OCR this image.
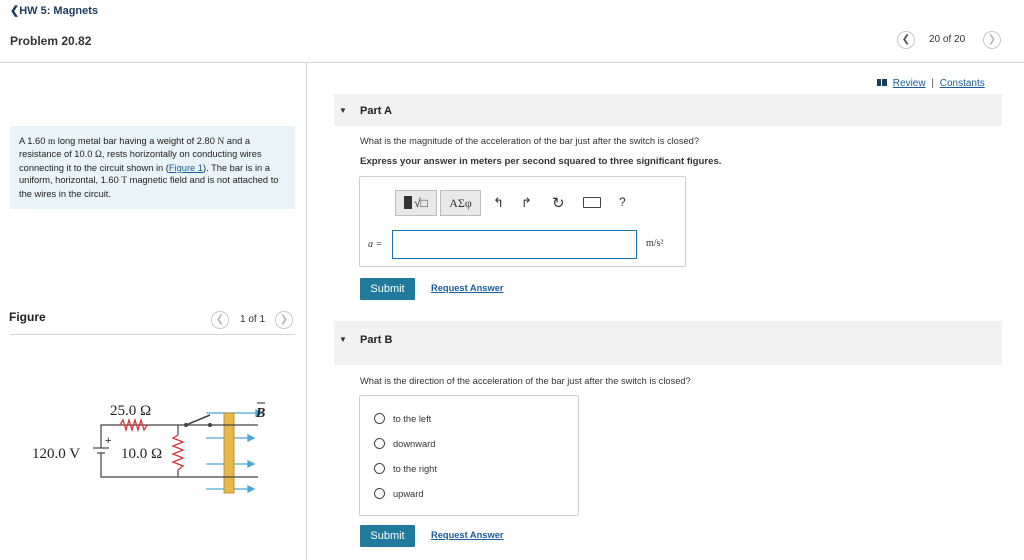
❮HW 5: Magnets
Problem 20.82	❮	20 of 20	❯
Review | Constants
A 1.60 m long metal bar having a weight of 2.80 N and a resistance of 10.0 Ω, rests horizontally on conducting wires connecting it to the circuit shown in (Figure 1). The bar is in a uniform, horizontal, 1.60 T magnetic field and is not attached to the wires in the circuit.
Figure	❮	1 of 1	❯
25.0 Ω
10.0 Ω
120.0 V
+
B
▼ Part A
What is the magnitude of the acceleration of the bar just after the switch is closed?
Express your answer in meters per second squared to three significant figures.
√□	ΑΣφ	↰ ↱ ↻	?
a =	m/s²
Submit	Request Answer
▼ Part B
What is the direction of the acceleration of the bar just after the switch is closed?
to the left
downward
to the right
upward
Submit	Request Answer
